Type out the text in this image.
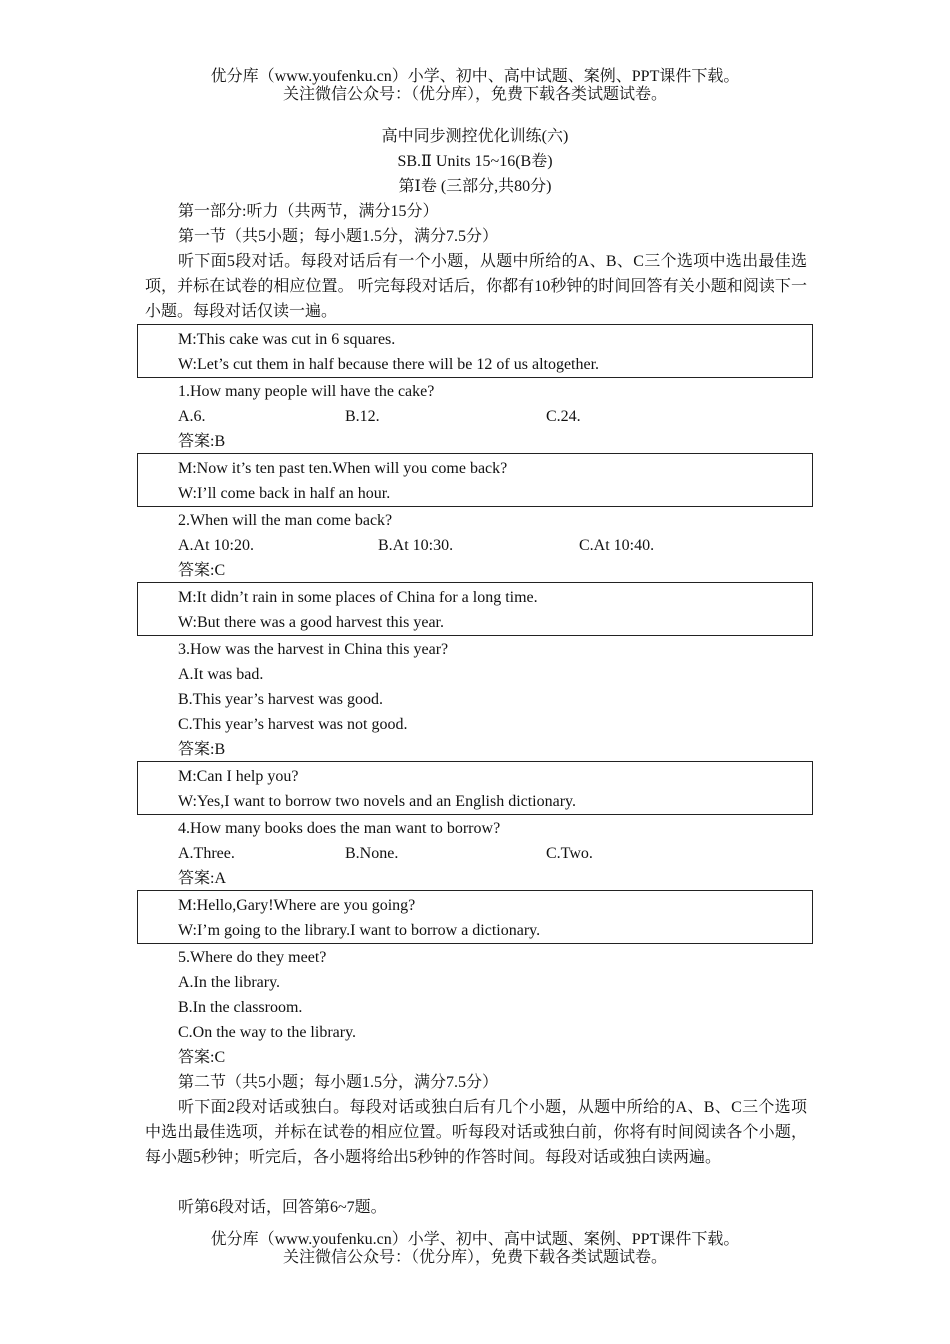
优分库（www.youfenku.cn）小学、初中、高中试题、案例、PPT课件下载。
关注微信公众号：（优分库），免费下载各类试题试卷。
高中同步测控优化训练(六)
SB.Ⅱ Units 15~16(B卷)
第Ⅰ卷 (三部分,共80分)
第一部分:听力（共两节，满分15分）
第一节（共5小题；每小题1.5分，满分7.5分）
听下面5段对话。每段对话后有一个小题，从题中所给的A、B、C三个选项中选出最佳选项，并标在试卷的相应位置。 听完每段对话后，你都有10秒钟的时间回答有关小题和阅读下一小题。每段对话仅读一遍。
M:This cake was cut in 6 squares.
W:Let’s cut them in half because there will be 12 of us altogether.
1.How many people will have the cake?
A.6.	B.12.	C.24.
答案:B
M:Now it’s ten past ten.When will you come back?
W:I’ll come back in half an hour.
2.When will the man come back?
A.At 10:20.	B.At 10:30.	C.At 10:40.
答案:C
M:It didn’t rain in some places of China for a long time.
W:But there was a good harvest this year.
3.How was the harvest in China this year?
A.It was bad.
B.This year’s harvest was good.
C.This year’s harvest was not good.
答案:B
M:Can I help you?
W:Yes,I want to borrow two novels and an English dictionary.
4.How many books does the man want to borrow?
A.Three.	B.None.	C.Two.
答案:A
M:Hello,Gary!Where are you going?
W:I’m going to the library.I want to borrow a dictionary.
5.Where do they meet?
A.In the library.
B.In the classroom.
C.On the way to the library.
答案:C
第二节（共5小题；每小题1.5分，满分7.5分）
听下面2段对话或独白。每段对话或独白后有几个小题，从题中所给的A、B、C三个选项中选出最佳选项，并标在试卷的相应位置。听每段对话或独白前，你将有时间阅读各个小题，每小题5秒钟；听完后，各小题将给出5秒钟的作答时间。每段对话或独白读两遍。
听第6段对话，回答第6~7题。
优分库（www.youfenku.cn）小学、初中、高中试题、案例、PPT课件下载。
关注微信公众号：（优分库），免费下载各类试题试卷。
